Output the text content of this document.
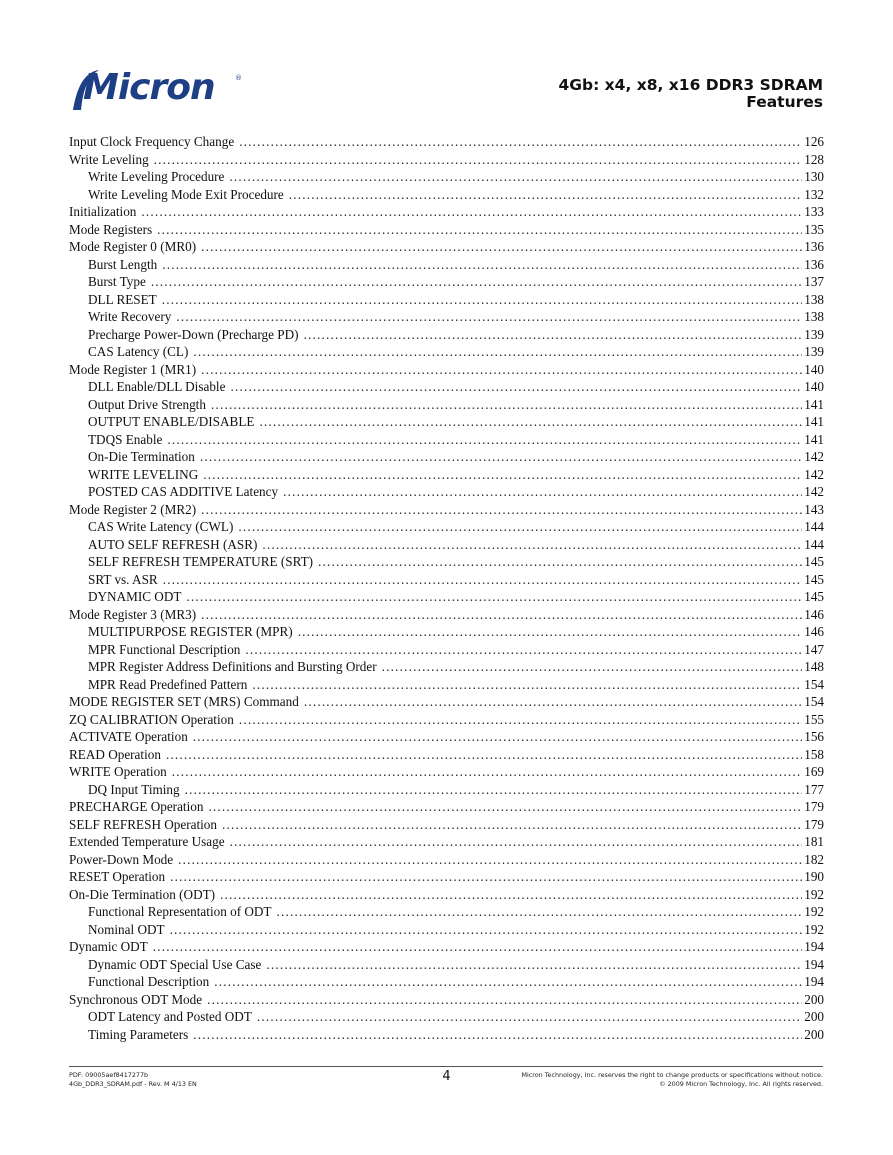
Micron	®	4Gb: x4, x8, x16 DDR3 SDRAM
Features
Input Clock Frequency Change .....	126
Write Leveling .....	128
Write Leveling Procedure .....	130
Write Leveling Mode Exit Procedure .....	132
Initialization .....	133
Mode Registers .....	135
Mode Register 0 (MR0) .....	136
Burst Length .....	136
Burst Type .....	137
DLL RESET .....	138
Write Recovery .....	138
Precharge Power-Down (Precharge PD) .....	139
CAS Latency (CL) .....	139
Mode Register 1 (MR1) .....	140
DLL Enable/DLL Disable .....	140
Output Drive Strength .....	141
OUTPUT ENABLE/DISABLE .....	141
TDQS Enable .....	141
On-Die Termination .....	142
WRITE LEVELING .....	142
POSTED CAS ADDITIVE Latency .....	142
Mode Register 2 (MR2) .....	143
CAS Write Latency (CWL) .....	144
AUTO SELF REFRESH (ASR) .....	144
SELF REFRESH TEMPERATURE (SRT) .....	145
SRT vs. ASR .....	145
DYNAMIC ODT .....	145
Mode Register 3 (MR3) .....	146
MULTIPURPOSE REGISTER (MPR) .....	146
MPR Functional Description .....	147
MPR Register Address Definitions and Bursting Order .....	148
MPR Read Predefined Pattern .....	154
MODE REGISTER SET (MRS) Command .....	154
ZQ CALIBRATION Operation .....	155
ACTIVATE Operation .....	156
READ Operation .....	158
WRITE Operation .....	169
DQ Input Timing .....	177
PRECHARGE Operation .....	179
SELF REFRESH Operation .....	179
Extended Temperature Usage .....	181
Power-Down Mode .....	182
RESET Operation .....	190
On-Die Termination (ODT) .....	192
Functional Representation of ODT .....	192
Nominal ODT .....	192
Dynamic ODT .....	194
Dynamic ODT Special Use Case .....	194
Functional Description .....	194
Synchronous ODT Mode .....	200
ODT Latency and Posted ODT .....	200
Timing Parameters .....	200
PDF: 09005aef8417277b
4Gb_DDR3_SDRAM.pdf - Rev. M 4/13 EN	4	Micron Technology, Inc. reserves the right to change products or specifications without notice.
© 2009 Micron Technology, Inc. All rights reserved.
